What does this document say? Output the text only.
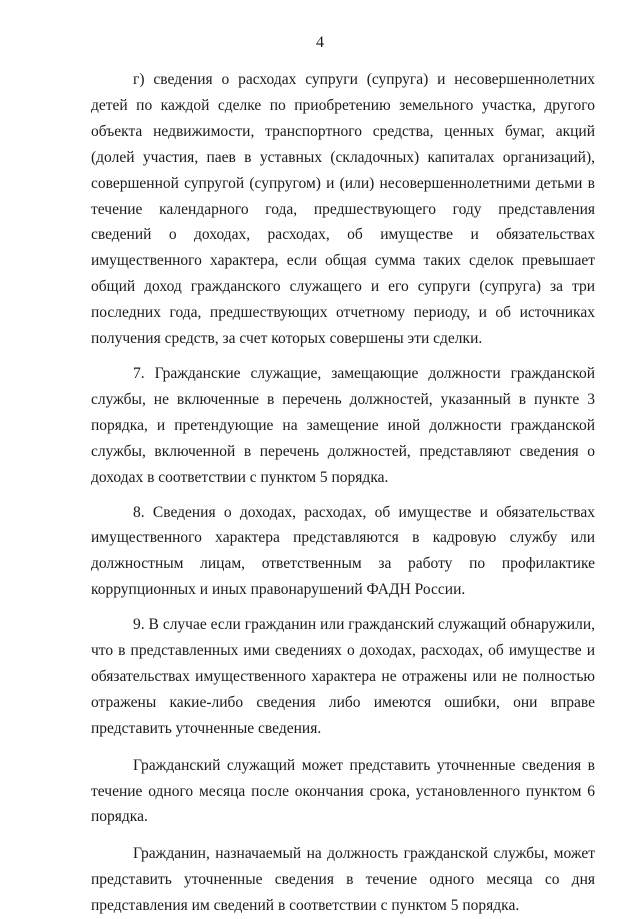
4

г) сведения о расходах супруги (супруга) и несовершеннолетних детей по каждой сделке по приобретению земельного участка, другого объекта недвижимости, транспортного средства, ценных бумаг, акций (долей участия, паев в уставных (складочных) капиталах организаций), совершенной супругой (супругом) и (или) несовершеннолетними детьми в течение календарного года, предшествующего году представления сведений о доходах, расходах, об имуществе и обязательствах имущественного характера, если общая сумма таких сделок превышает общий доход гражданского служащего и его супруги (супруга) за три последних года, предшествующих отчетному периоду, и об источниках получения средств, за счет которых совершены эти сделки.

7. Гражданские служащие, замещающие должности гражданской службы, не включенные в перечень должностей, указанный в пункте 3 порядка, и претендующие на замещение иной должности гражданской службы, включенной в перечень должностей, представляют сведения о доходах в соответствии с пунктом 5 порядка.

8. Сведения о доходах, расходах, об имуществе и обязательствах имущественного характера представляются в кадровую службу или должностным лицам, ответственным за работу по профилактике коррупционных и иных правонарушений ФАДН России.

9. В случае если гражданин или гражданский служащий обнаружили, что в представленных ими сведениях о доходах, расходах, об имуществе и обязательствах имущественного характера не отражены или не полностью отражены какие-либо сведения либо имеются ошибки, они вправе представить уточненные сведения.

Гражданский служащий может представить уточненные сведения в течение одного месяца после окончания срока, установленного пунктом 6 порядка.

Гражданин, назначаемый на должность гражданской службы, может представить уточненные сведения в течение одного месяца со дня представления им сведений в соответствии с пунктом 5 порядка.
